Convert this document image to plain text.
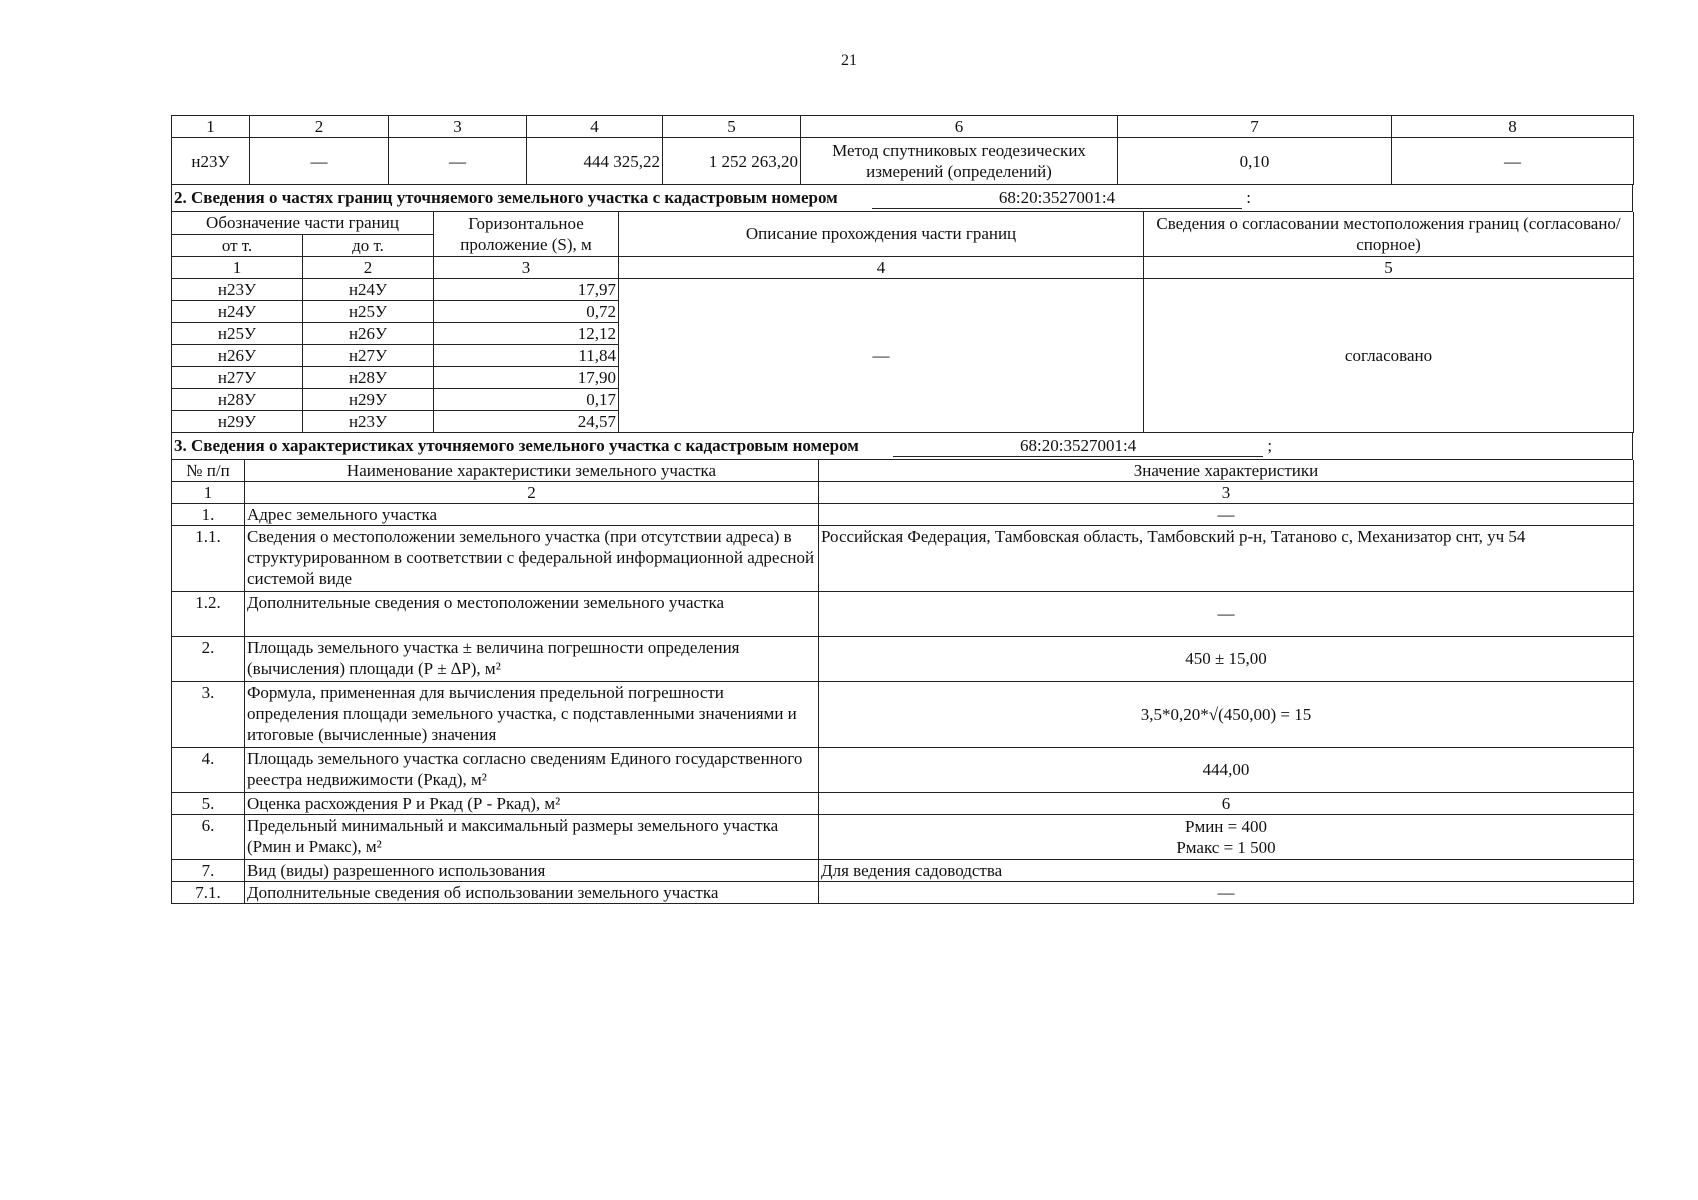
21
1	2	3	4	5	6	7	8
н23У	—	—	444 325,22	1 252 263,20	Метод спутниковых геодезических измерений (определений)	0,10	—
2. Сведения о частях границ уточняемого земельного участка с кадастровым номером	68:20:3527001:4	:
Обозначение части границ		Горизонтальное проложение (S), м	Описание прохождения части границ	Сведения о согласовании местоположения границ (согласовано/спорное)
от т.	до т.			
1	2	3	4	5
н23У	н24У	17,97	—	согласовано
н24У	н25У	0,72		
н25У	н26У	12,12		
н26У	н27У	11,84		
н27У	н28У	17,90		
н28У	н29У	0,17		
н29У	н23У	24,57		
3. Сведения о характеристиках уточняемого земельного участка с кадастровым номером	68:20:3527001:4	;
№ п/п	Наименование характеристики земельного участка	Значение характеристики
1	2	3
1.	Адрес земельного участка	—
1.1.	Сведения о местоположении земельного участка (при отсутствии адреса) в структурированном в соответствии с федеральной информационной адресной системой виде	Российская Федерация, Тамбовская область, Тамбовский р-н, Татаново с, Механизатор снт, уч 54
1.2.	Дополнительные сведения о местоположении земельного участка	—
2.	Площадь земельного участка ± величина погрешности определения (вычисления) площади (Р ± ∆Р), м²	450 ± 15,00
3.	Формула, примененная для вычисления предельной погрешности определения площади земельного участка, с подставленными значениями и итоговые (вычисленные) значения	3,5*0,20*√(450,00) = 15
4.	Площадь земельного участка согласно сведениям Единого государственного реестра недвижимости (Ркад), м²	444,00
5.	Оценка расхождения Р и Ркад (Р - Ркад), м²	6
6.	Предельный минимальный и максимальный размеры земельного участка (Рмин и Рмакс), м²	Рмин = 400
Рмакс = 1 500
7.	Вид (виды) разрешенного использования	Для ведения садоводства
7.1.	Дополнительные сведения об использовании земельного участка	—
